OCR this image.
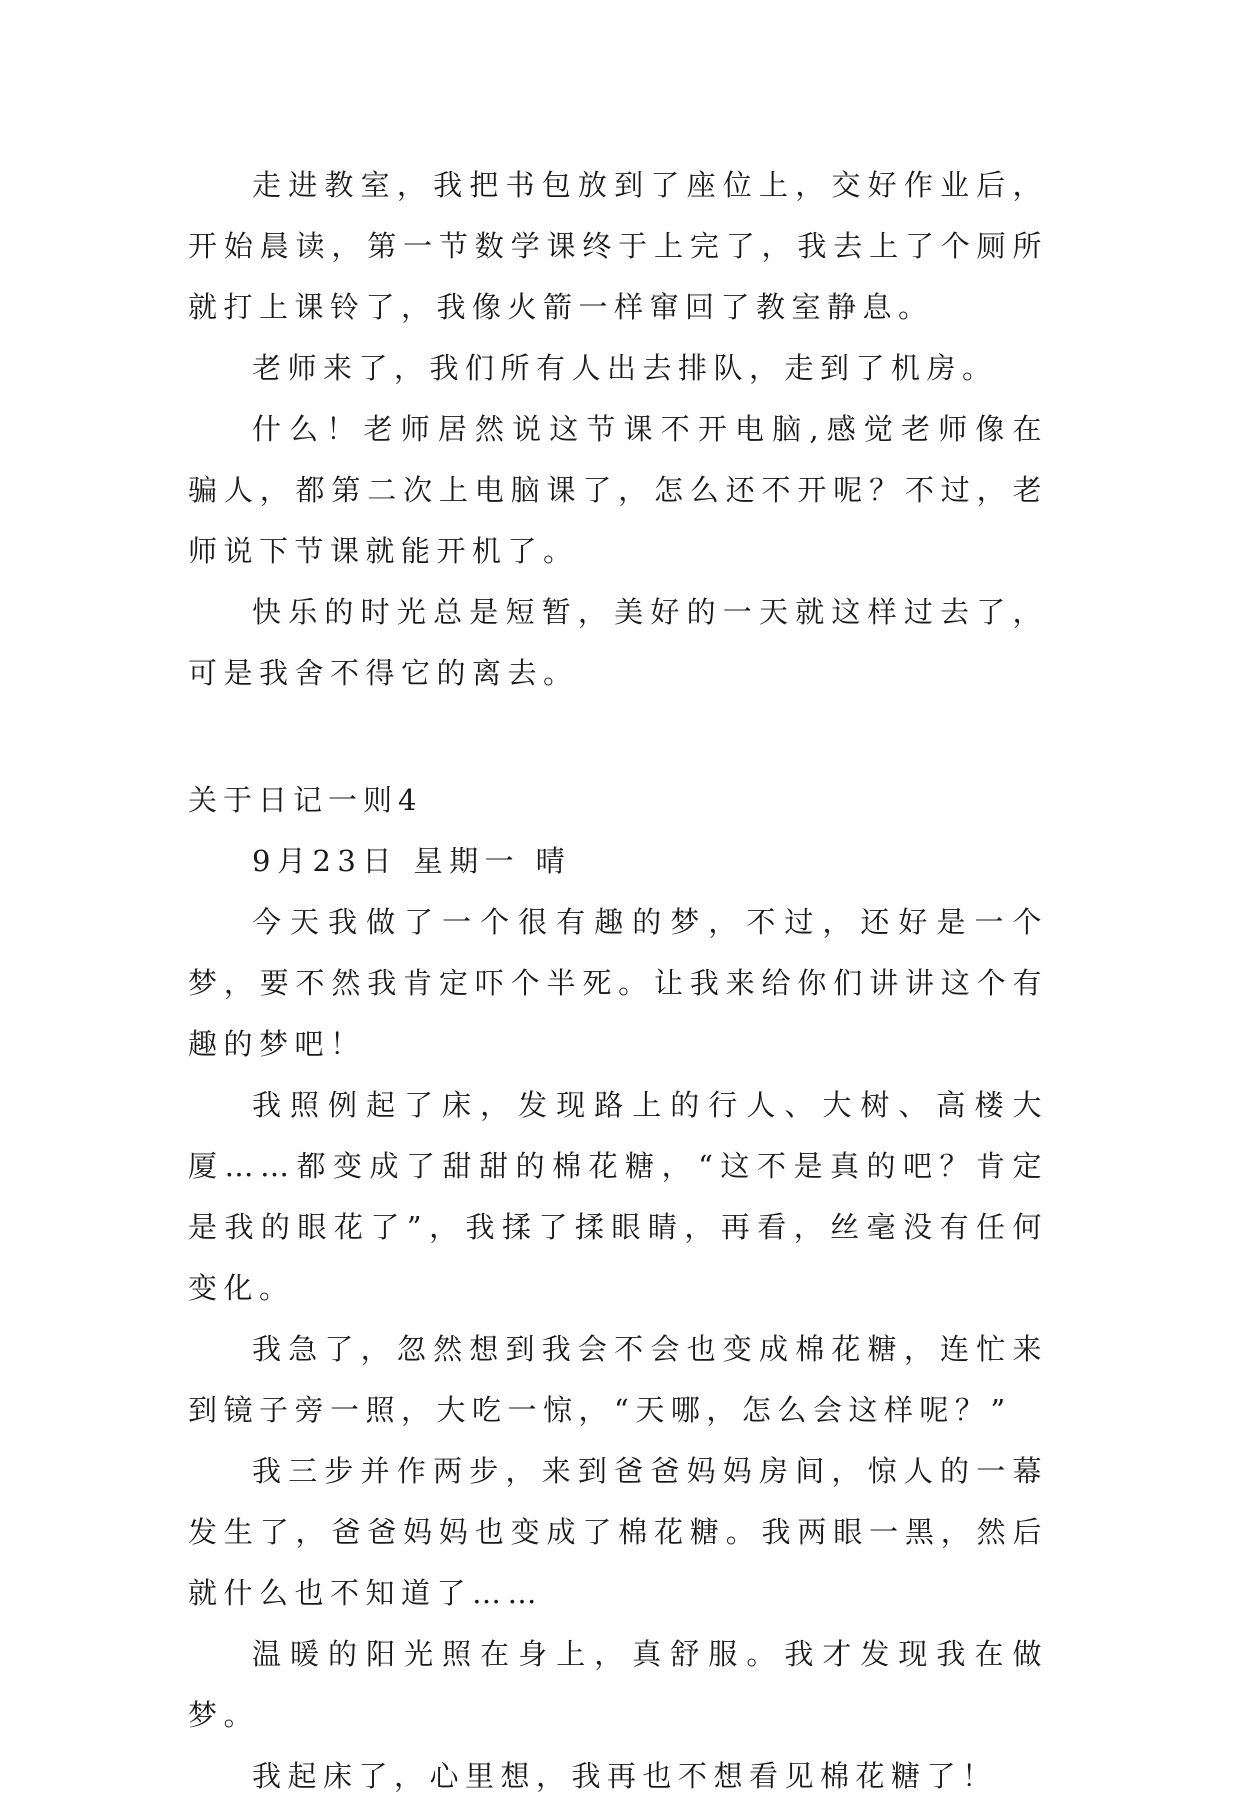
走进教室，我把书包放到了座位上，交好作业后，开始晨读，第一节数学课终于上完了，我去上了个厕所就打上课铃了，我像火箭一样窜回了教室静息。

老师来了，我们所有人出去排队，走到了机房。

什么！老师居然说这节课不开电脑,感觉老师像在骗人，都第二次上电脑课了，怎么还不开呢？不过，老师说下节课就能开机了。

快乐的时光总是短暂，美好的一天就这样过去了，可是我舍不得它的离去。

关于日记一则4

9月23日 星期一 晴

今天我做了一个很有趣的梦，不过，还好是一个梦，要不然我肯定吓个半死。让我来给你们讲讲这个有趣的梦吧！

我照例起了床，发现路上的行人、大树、高楼大厦……都变成了甜甜的棉花糖，“这不是真的吧？肯定是我的眼花了”，我揉了揉眼睛，再看，丝毫没有任何变化。

我急了，忽然想到我会不会也变成棉花糖，连忙来到镜子旁一照，大吃一惊，“天哪，怎么会这样呢？”

我三步并作两步，来到爸爸妈妈房间，惊人的一幕发生了，爸爸妈妈也变成了棉花糖。我两眼一黑，然后就什么也不知道了……

温暖的阳光照在身上，真舒服。我才发现我在做梦。

我起床了，心里想，我再也不想看见棉花糖了！
